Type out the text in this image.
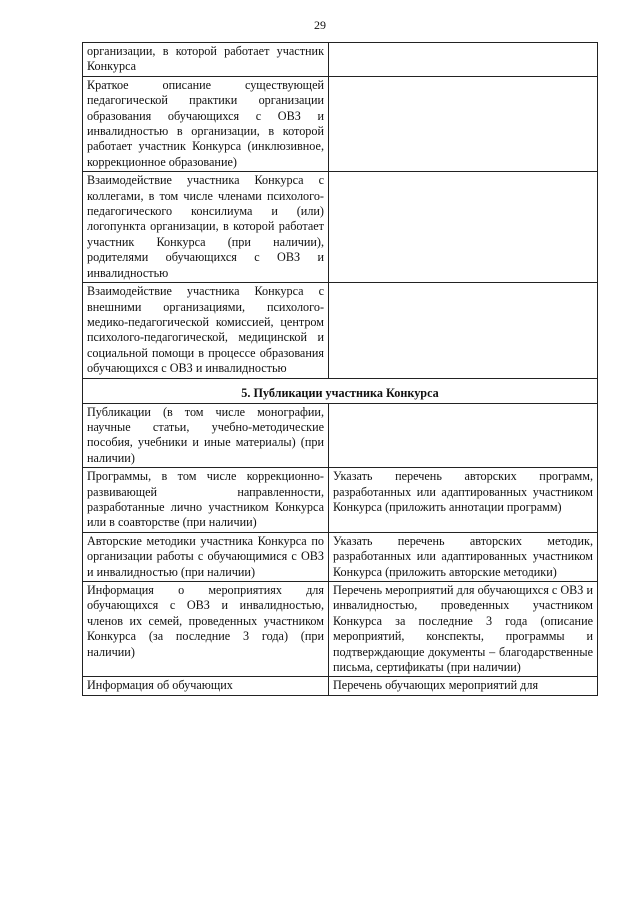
29
организации, в которой работает участник Конкурса	
Краткое описание существующей педагогической практики организации образования обучающихся с ОВЗ и инвалидностью в организации, в которой работает участник Конкурса (инклюзивное, коррекционное образование)	
Взаимодействие участника Конкурса с коллегами, в том числе членами психолого-педагогического консилиума и (или) логопункта организации, в которой работает участник Конкурса (при наличии), родителями обучающихся с ОВЗ и инвалидностью	
Взаимодействие участника Конкурса с внешними организациями, психолого-медико-педагогической комиссией, центром психолого-педагогической, медицинской и социальной помощи в процессе образования обучающихся с ОВЗ и инвалидностью	
5. Публикации участника Конкурса	
Публикации (в том числе монографии, научные статьи, учебно-методические пособия, учебники и иные материалы) (при наличии)	
Программы, в том числе коррекционно-развивающей направленности, разработанные лично участником Конкурса или в соавторстве (при наличии)	Указать перечень авторских программ, разработанных или адаптированных участником Конкурса (приложить аннотации программ)
Авторские методики участника Конкурса по организации работы с обучающимися с ОВЗ и инвалидностью (при наличии)	Указать перечень авторских методик, разработанных или адаптированных участником Конкурса (приложить авторские методики)
Информация о мероприятиях для обучающихся с ОВЗ и инвалидностью, членов их семей, проведенных участником Конкурса (за последние 3 года) (при наличии)	Перечень мероприятий для обучающихся с ОВЗ и инвалидностью, проведенных участником Конкурса за последние 3 года (описание мероприятий, конспекты, программы и подтверждающие документы – благодарственные письма, сертификаты (при наличии)
Информация об обучающих	Перечень обучающих мероприятий для
